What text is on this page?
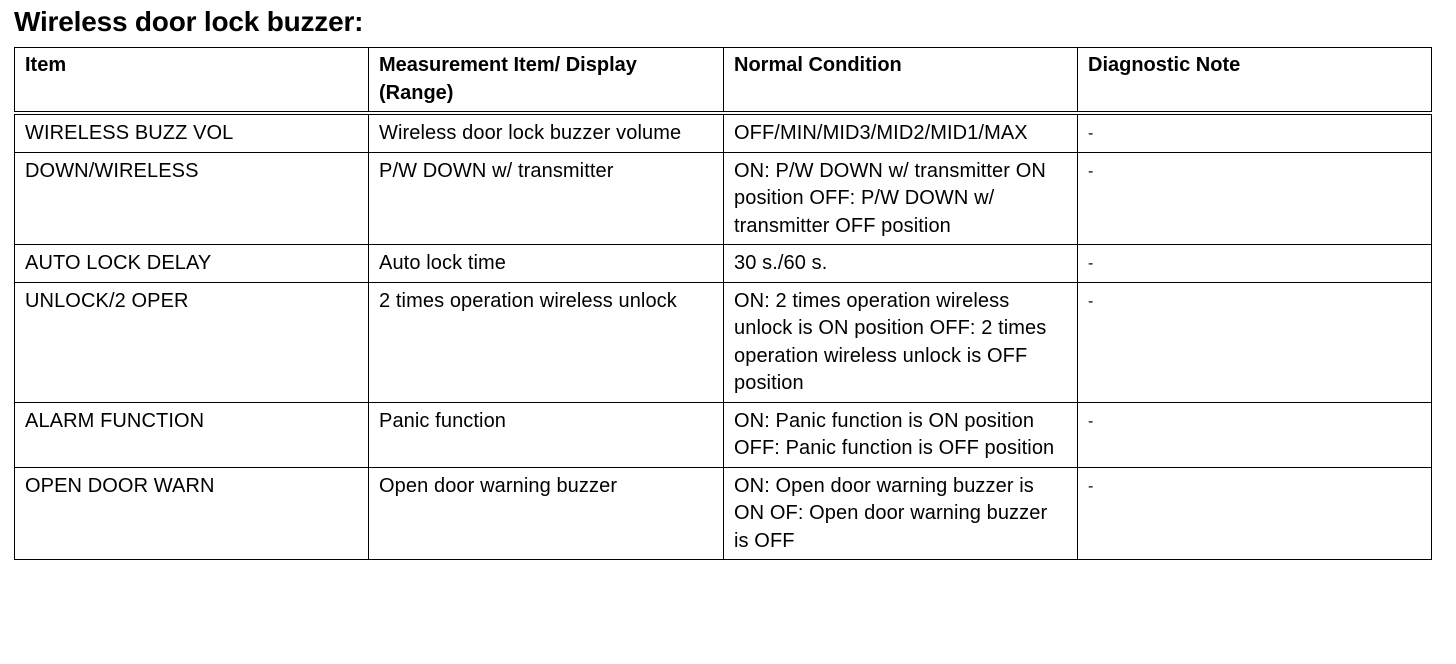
Wireless door lock buzzer:
Item	Measurement Item/ Display (Range)	Normal Condition	Diagnostic Note
WIRELESS BUZZ VOL	Wireless door lock buzzer volume	OFF/MIN/MID3/MID2/MID1/MAX	-
DOWN/WIRELESS	P/W DOWN w/ transmitter	ON: P/W DOWN w/ transmitter ON position OFF: P/W DOWN w/ transmitter OFF position	-
AUTO LOCK DELAY	Auto lock time	30 s./60 s.	-
UNLOCK/2 OPER	2 times operation wireless unlock	ON: 2 times operation wireless unlock is ON position OFF: 2 times operation wireless unlock is OFF position	-
ALARM FUNCTION	Panic function	ON: Panic function is ON position OFF: Panic function is OFF position	-
OPEN DOOR WARN	Open door warning buzzer	ON: Open door warning buzzer is ON OF: Open door warning buzzer is OFF	-
